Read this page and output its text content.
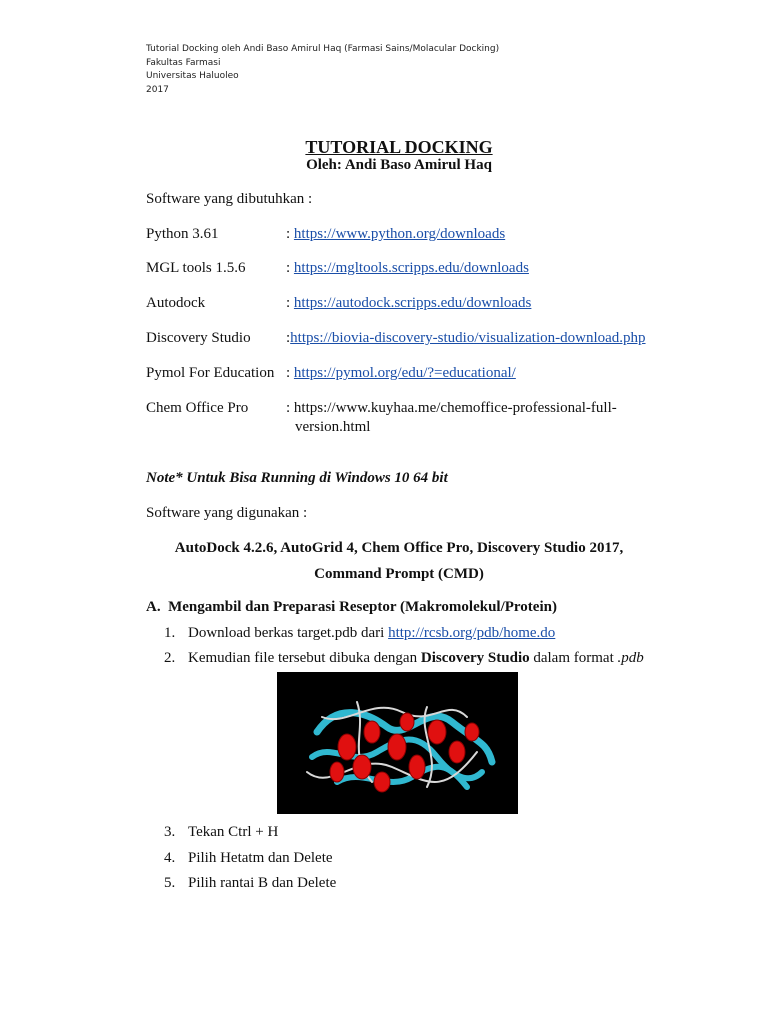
Tutorial Docking oleh Andi Baso Amirul Haq (Farmasi Sains/Molacular Docking)
Fakultas Farmasi
Universitas Haluoleo
2017
TUTORIAL DOCKING
Oleh: Andi Baso Amirul Haq
Software yang dibutuhkan :
Python 3.61	: https://www.python.org/downloads
MGL tools 1.5.6	: https://mgltools.scripps.edu/downloads
Autodock	: https://autodock.scripps.edu/downloads
Discovery Studio :https://biovia-discovery-studio/visualization-download.php
Pymol For Education : https://pymol.org/edu/?=educational/
Chem Office Pro	: https://www.kuyhaa.me/chemoffice-professional-full-
version.html
Note* Untuk Bisa Running di Windows 10 64 bit
Software yang digunakan :
AutoDock 4.2.6, AutoGrid 4, Chem Office Pro, Discovery Studio 2017,
Command Prompt (CMD)
A. Mengambil dan Preparasi Reseptor (Makromolekul/Protein)
1. Download berkas target.pdb dari http://rcsb.org/pdb/home.do
2. Kemudian file tersebut dibuka dengan Discovery Studio dalam format .pdb
3. Tekan Ctrl + H
4. Pilih Hetatm dan Delete
5. Pilih rantai B dan Delete
